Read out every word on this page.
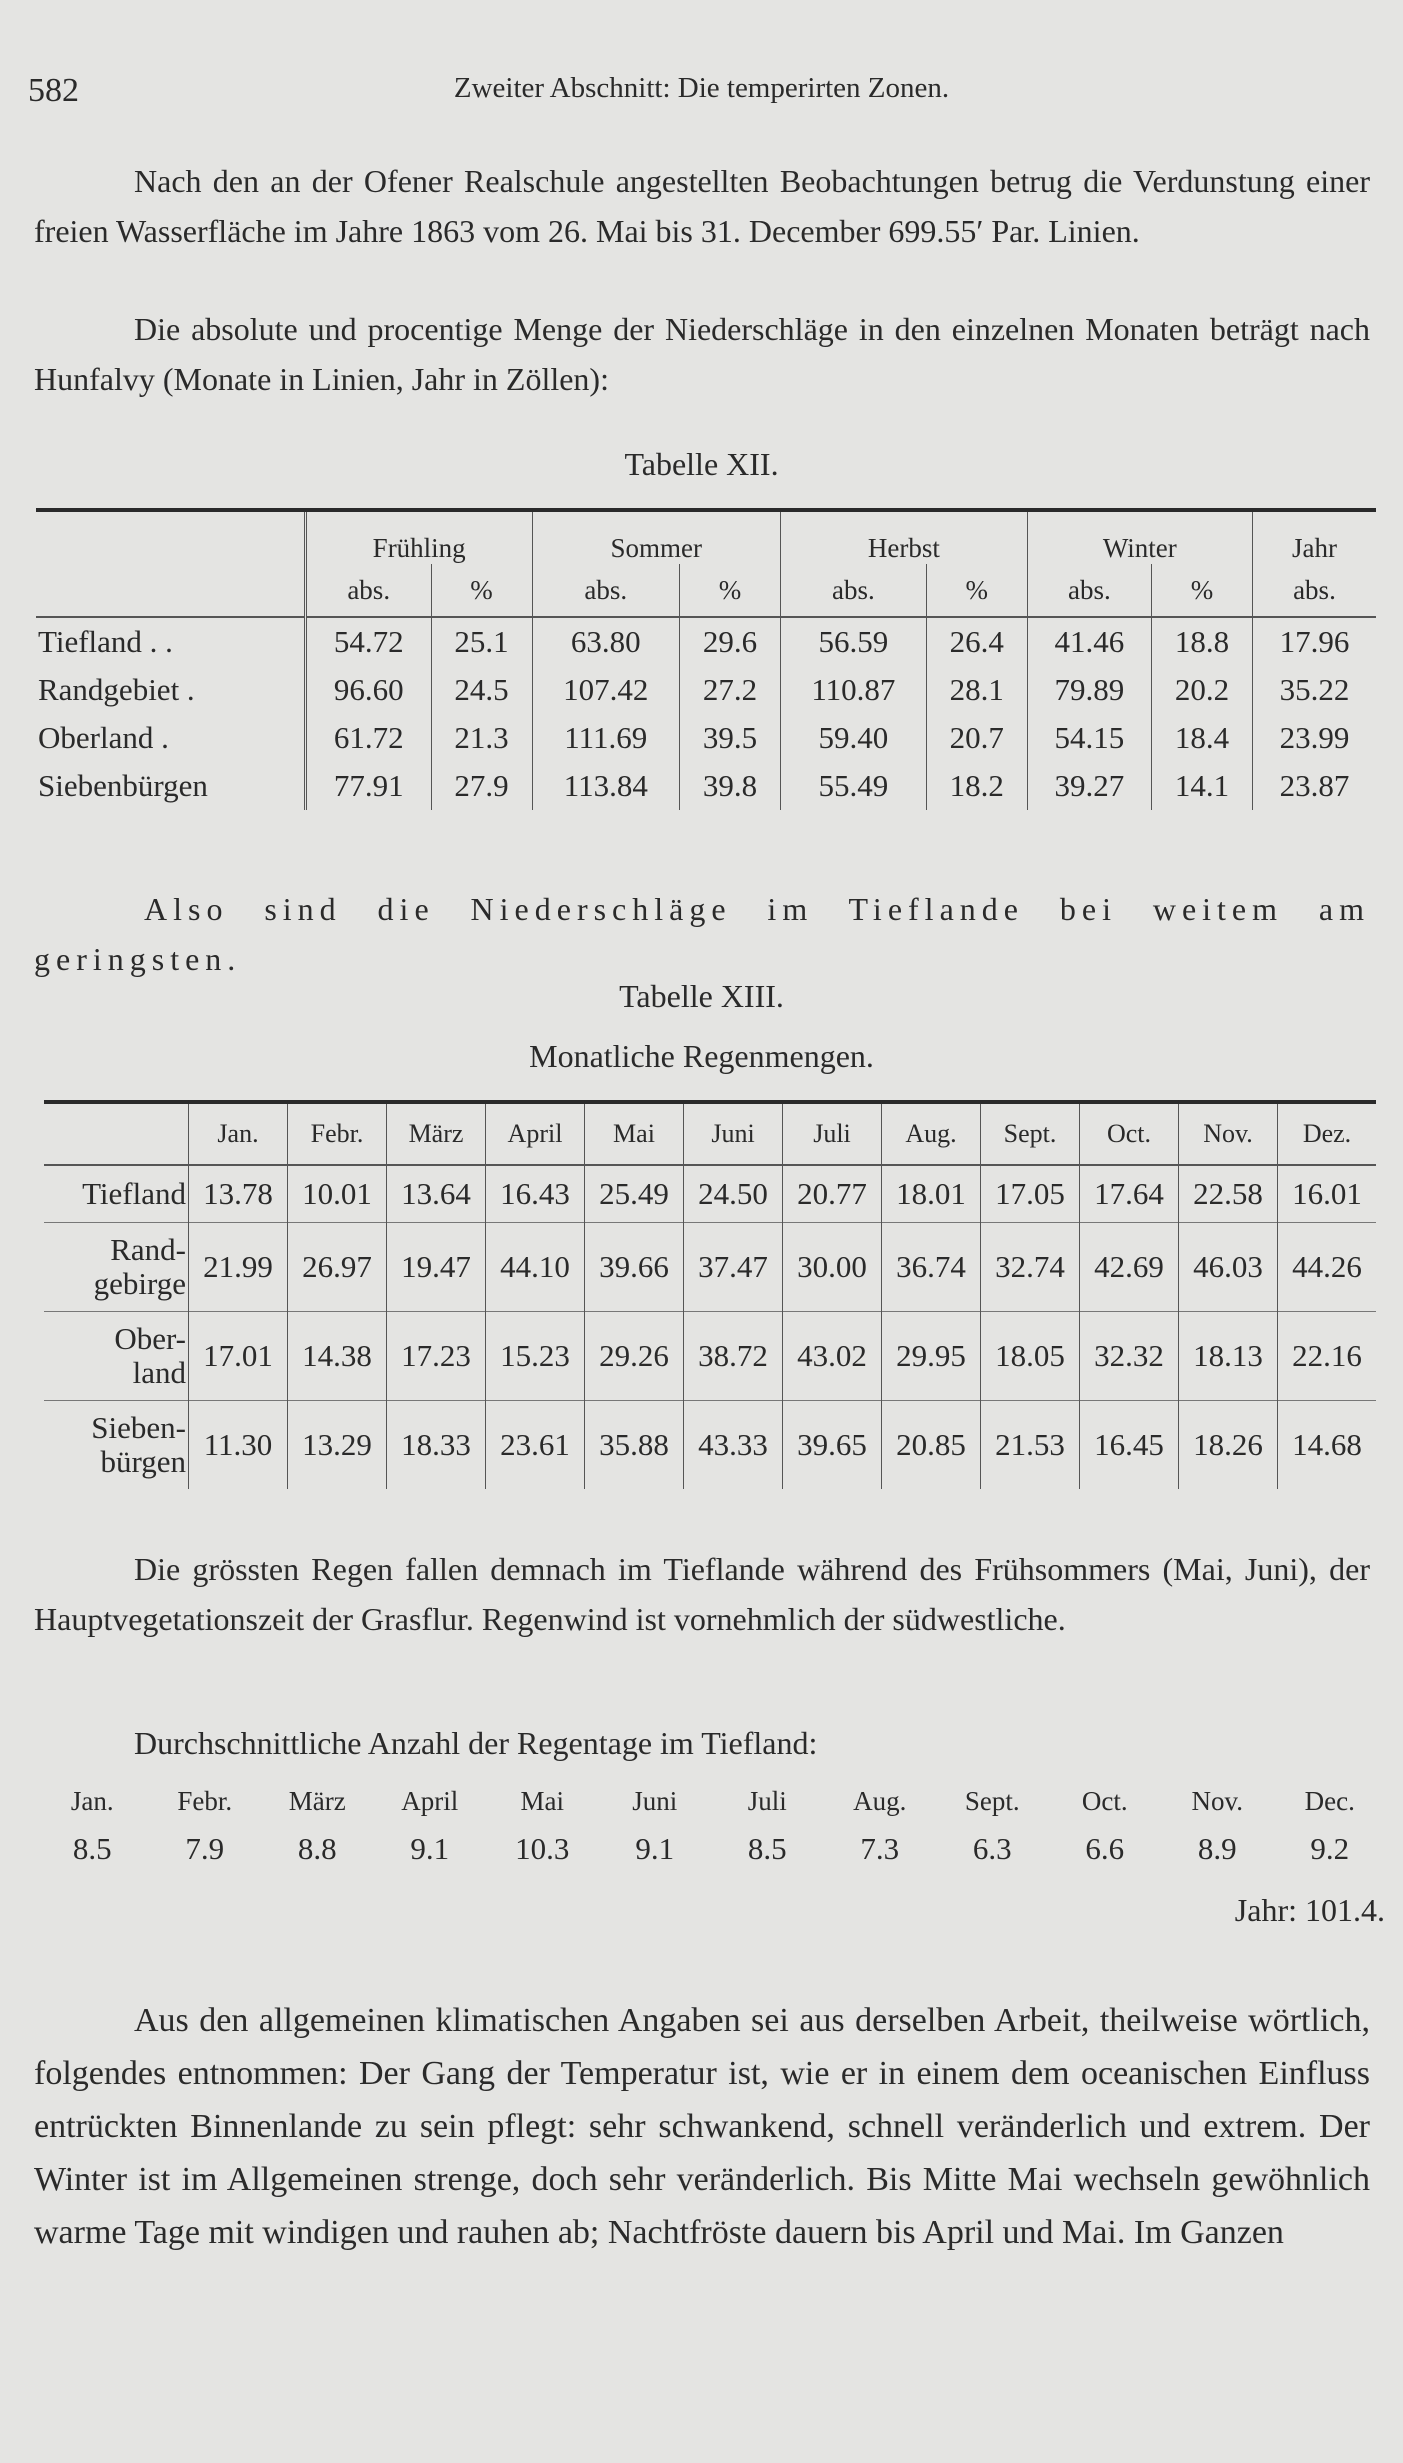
582	Zweiter Abschnitt: Die temperirten Zonen.
Nach den an der Ofener Realschule angestellten Beobachtungen betrug die Verdunstung einer freien Wasserfläche im Jahre 1863 vom 26. Mai bis 31. December 699.55′ Par. Linien.
Die absolute und procentige Menge der Niederschläge in den einzelnen Monaten beträgt nach Hunfalvy (Monate in Linien, Jahr in Zöllen):
Tabelle XII.
	Frühling		Sommer		Herbst		Winter		Jahr
	abs.	%	abs.	%	abs.	%	abs.	%	abs.
Tiefland . .	54.72	25.1	63.80	29.6	56.59	26.4	41.46	18.8	17.96
Randgebiet .	96.60	24.5	107.42	27.2	110.87	28.1	79.89	20.2	35.22
Oberland .	61.72	21.3	111.69	39.5	59.40	20.7	54.15	18.4	23.99
Siebenbürgen	77.91	27.9	113.84	39.8	55.49	18.2	39.27	14.1	23.87
Also sind die Niederschläge im Tieflande bei weitem am geringsten.
Tabelle XIII.
Monatliche Regenmengen.
	Jan.	Febr.	März	April	Mai	Juni	Juli	Aug.	Sept.	Oct.	Nov.	Dez.
Tiefland	13.78	10.01	13.64	16.43	25.49	24.50	20.77	18.01	17.05	17.64	22.58	16.01
Rand-
gebirge	21.99	26.97	19.47	44.10	39.66	37.47	30.00	36.74	32.74	42.69	46.03	44.26
Ober-
land	17.01	14.38	17.23	15.23	29.26	38.72	43.02	29.95	18.05	32.32	18.13	22.16
Sieben-
bürgen	11.30	13.29	18.33	23.61	35.88	43.33	39.65	20.85	21.53	16.45	18.26	14.68
Die grössten Regen fallen demnach im Tieflande während des Frühsommers (Mai, Juni), der Hauptvegetationszeit der Grasflur. Regenwind ist vornehmlich der südwestliche.
Durchschnittliche Anzahl der Regentage im Tiefland:
Jan.	Febr.	März	April	Mai	Juni	Juli	Aug.	Sept.	Oct.	Nov.	Dec.
8.5	7.9	8.8	9.1	10.3	9.1	8.5	7.3	6.3	6.6	8.9	9.2
Jahr: 101.4.
Aus den allgemeinen klimatischen Angaben sei aus derselben Arbeit, theilweise wörtlich, folgendes entnommen: Der Gang der Temperatur ist, wie er in einem dem oceanischen Einfluss entrückten Binnenlande zu sein pflegt: sehr schwankend, schnell veränderlich und extrem. Der Winter ist im Allgemeinen strenge, doch sehr veränderlich. Bis Mitte Mai wechseln gewöhnlich warme Tage mit windigen und rauhen ab; Nachtfröste dauern bis April und Mai. Im Ganzen
